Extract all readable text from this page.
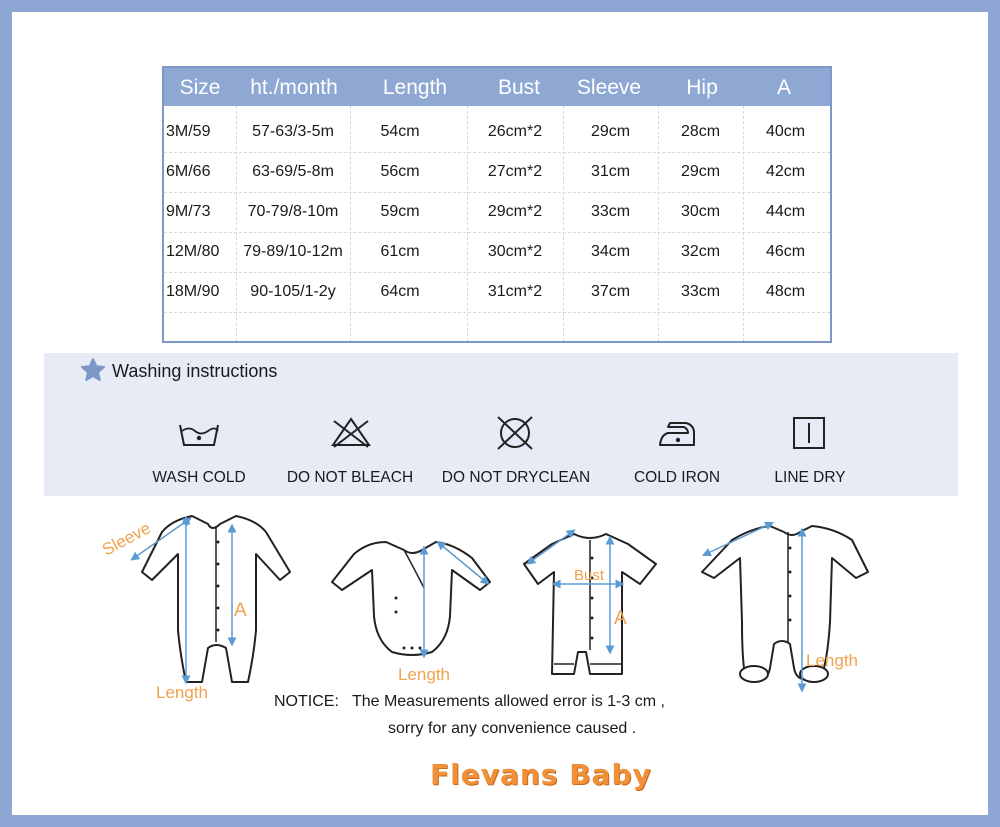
Size	ht./month	Length	Bust	Sleeve	Hip	A
3M/59	57-63/3-5m	54cm	26cm*2	29cm	28cm	40cm
6M/66	63-69/5-8m	56cm	27cm*2	31cm	29cm	42cm
9M/73	70-79/8-10m	59cm	29cm*2	33cm	30cm	44cm
12M/80	79-89/10-12m	61cm	30cm*2	34cm	32cm	46cm
18M/90	90-105/1-2y	64cm	31cm*2	37cm	33cm	48cm
Washing instructions
WASH COLD	DO NOT BLEACH	DO NOT DRYCLEAN	COLD IRON	LINE DRY
Sleeve
Length
A
Length
Bust
A
Length
NOTICE: The Measurements allowed error is 1-3 cm ,
sorry for any convenience caused .
Flevans Baby
